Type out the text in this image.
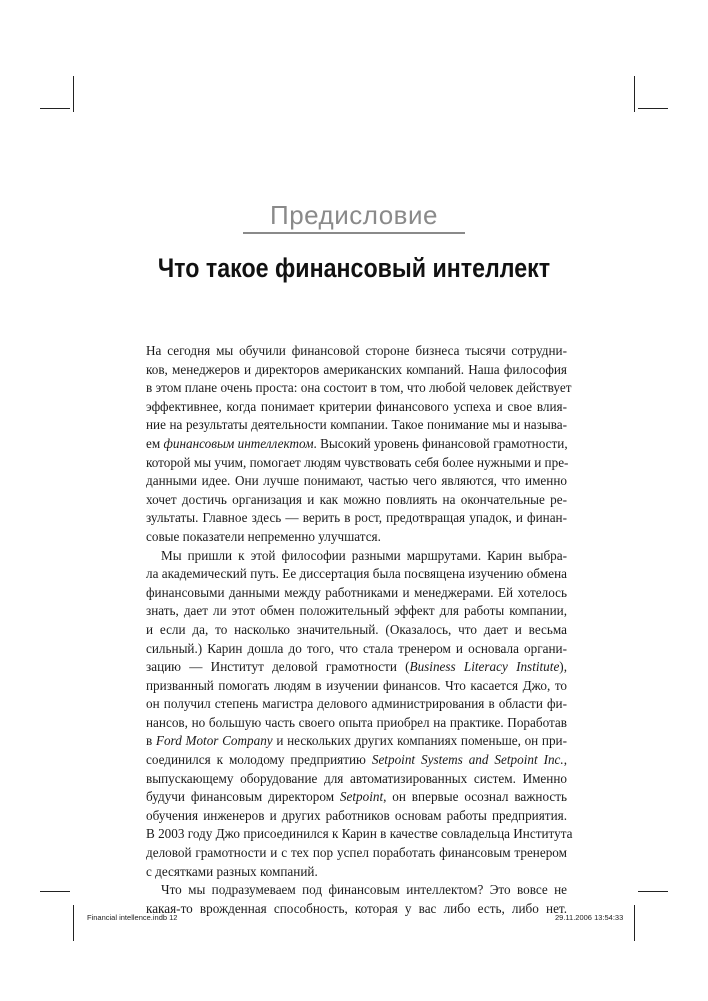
Предисловие
Что такое финансовый интеллект
На сегодня мы обучили финансовой стороне бизнеса тысячи сотрудни-
ков, менеджеров и директоров американских компаний. Наша философия
в этом плане очень проста: она состоит в том, что любой человек действует
эффективнее, когда понимает критерии финансового успеха и свое влия-
ние на результаты деятельности компании. Такое понимание мы и называ-
ем финансовым интеллектом. Высокий уровень финансовой грамотности,
которой мы учим, помогает людям чувствовать себя более нужными и пре-
данными идее. Они лучше понимают, частью чего являются, что именно
хочет достичь организация и как можно повлиять на окончательные ре-
зультаты. Главное здесь — верить в рост, предотвращая упадок, и финан-
совые показатели непременно улучшатся.
Мы пришли к этой философии разными маршрутами. Карин выбра-
ла академический путь. Ее диссертация была посвящена изучению обмена
финансовыми данными между работниками и менеджерами. Ей хотелось
знать, дает ли этот обмен положительный эффект для работы компании,
и если да, то насколько значительный. (Оказалось, что дает и весьма
сильный.) Карин дошла до того, что стала тренером и основала органи-
зацию — Институт деловой грамотности (Business Literacy Institute),
призванный помогать людям в изучении финансов. Что касается Джо, то
он получил степень магистра делового администрирования в области фи-
нансов, но большую часть своего опыта приобрел на практике. Поработав
в Ford Motor Company и нескольких других компаниях поменьше, он при-
соединился к молодому предприятию Setpoint Systems and Setpoint Inc.,
выпускающему оборудование для автоматизированных систем. Именно
будучи финансовым директором Setpoint, он впервые осознал важность
обучения инженеров и других работников основам работы предприятия.
В 2003 году Джо присоединился к Карин в качестве совладельца Института
деловой грамотности и с тех пор успел поработать финансовым тренером
с десятками разных компаний.
Что мы подразумеваем под финансовым интеллектом? Это вовсе не
какая-то врожденная способность, которая у вас либо есть, либо нет.
Financial intellence.indb 12	29.11.2006 13:54:33
